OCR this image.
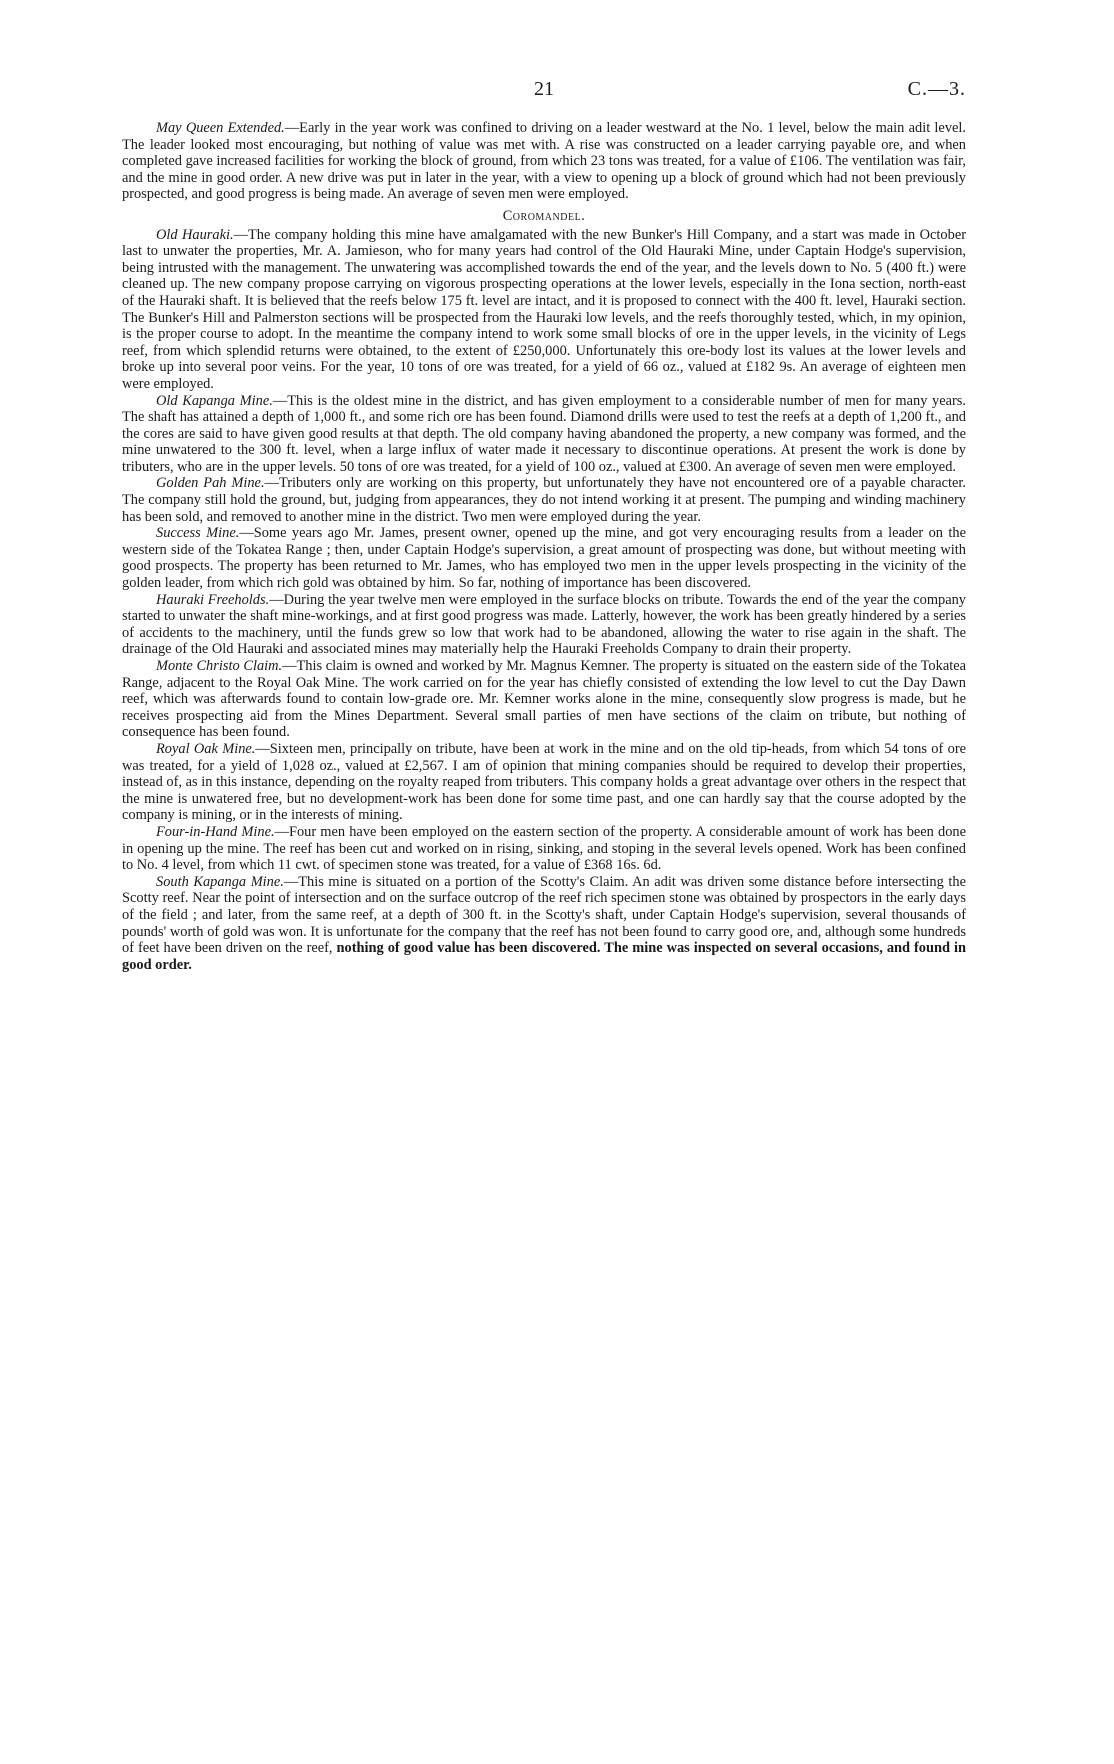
21	C.—3.

May Queen Extended.—Early in the year work was confined to driving on a leader westward at the No. 1 level, below the main adit level. The leader looked most encouraging, but nothing of value was met with. A rise was constructed on a leader carrying payable ore, and when completed gave increased facilities for working the block of ground, from which 23 tons was treated, for a value of £106. The ventilation was fair, and the mine in good order. A new drive was put in later in the year, with a view to opening up a block of ground which had not been previously prospected, and good progress is being made. An average of seven men were employed.

Coromandel.

Old Hauraki.—The company holding this mine have amalgamated with the new Bunker's Hill Company, and a start was made in October last to unwater the properties, Mr. A. Jamieson, who for many years had control of the Old Hauraki Mine, under Captain Hodge's supervision, being intrusted with the management. The unwatering was accomplished towards the end of the year, and the levels down to No. 5 (400 ft.) were cleaned up. The new company propose carrying on vigorous prospecting operations at the lower levels, especially in the Iona section, north-east of the Hauraki shaft. It is believed that the reefs below 175 ft. level are intact, and it is proposed to connect with the 400 ft. level, Hauraki section. The Bunker's Hill and Palmerston sections will be prospected from the Hauraki low levels, and the reefs thoroughly tested, which, in my opinion, is the proper course to adopt. In the meantime the company intend to work some small blocks of ore in the upper levels, in the vicinity of Legs reef, from which splendid returns were obtained, to the extent of £250,000. Unfortunately this ore-body lost its values at the lower levels and broke up into several poor veins. For the year, 10 tons of ore was treated, for a yield of 66 oz., valued at £182 9s. An average of eighteen men were employed.

Old Kapanga Mine.—This is the oldest mine in the district, and has given employment to a considerable number of men for many years. The shaft has attained a depth of 1,000 ft., and some rich ore has been found. Diamond drills were used to test the reefs at a depth of 1,200 ft., and the cores are said to have given good results at that depth. The old company having abandoned the property, a new company was formed, and the mine unwatered to the 300 ft. level, when a large influx of water made it necessary to discontinue operations. At present the work is done by tributers, who are in the upper levels. 50 tons of ore was treated, for a yield of 100 oz., valued at £300. An average of seven men were employed.

Golden Pah Mine.—Tributers only are working on this property, but unfortunately they have not encountered ore of a payable character. The company still hold the ground, but, judging from appearances, they do not intend working it at present. The pumping and winding machinery has been sold, and removed to another mine in the district. Two men were employed during the year.

Success Mine.—Some years ago Mr. James, present owner, opened up the mine, and got very encouraging results from a leader on the western side of the Tokatea Range ; then, under Captain Hodge's supervision, a great amount of prospecting was done, but without meeting with good prospects. The property has been returned to Mr. James, who has employed two men in the upper levels prospecting in the vicinity of the golden leader, from which rich gold was obtained by him. So far, nothing of importance has been discovered.

Hauraki Freeholds.—During the year twelve men were employed in the surface blocks on tribute. Towards the end of the year the company started to unwater the shaft mine-workings, and at first good progress was made. Latterly, however, the work has been greatly hindered by a series of accidents to the machinery, until the funds grew so low that work had to be abandoned, allowing the water to rise again in the shaft. The drainage of the Old Hauraki and associated mines may materially help the Hauraki Freeholds Company to drain their property.

Monte Christo Claim.—This claim is owned and worked by Mr. Magnus Kemner. The property is situated on the eastern side of the Tokatea Range, adjacent to the Royal Oak Mine. The work carried on for the year has chiefly consisted of extending the low level to cut the Day Dawn reef, which was afterwards found to contain low-grade ore. Mr. Kemner works alone in the mine, consequently slow progress is made, but he receives prospecting aid from the Mines Department. Several small parties of men have sections of the claim on tribute, but nothing of consequence has been found.

Royal Oak Mine.—Sixteen men, principally on tribute, have been at work in the mine and on the old tip-heads, from which 54 tons of ore was treated, for a yield of 1,028 oz., valued at £2,567. I am of opinion that mining companies should be required to develop their properties, instead of, as in this instance, depending on the royalty reaped from tributers. This company holds a great advantage over others in the respect that the mine is unwatered free, but no development-work has been done for some time past, and one can hardly say that the course adopted by the company is mining, or in the interests of mining.

Four-in-Hand Mine.—Four men have been employed on the eastern section of the property. A considerable amount of work has been done in opening up the mine. The reef has been cut and worked on in rising, sinking, and stoping in the several levels opened. Work has been confined to No. 4 level, from which 11 cwt. of specimen stone was treated, for a value of £368 16s. 6d.

South Kapanga Mine.—This mine is situated on a portion of the Scotty's Claim. An adit was driven some distance before intersecting the Scotty reef. Near the point of intersection and on the surface outcrop of the reef rich specimen stone was obtained by prospectors in the early days of the field ; and later, from the same reef, at a depth of 300 ft. in the Scotty's shaft, under Captain Hodge's supervision, several thousands of pounds' worth of gold was won. It is unfortunate for the company that the reef has not been found to carry good ore, and, although some hundreds of feet have been driven on the reef, nothing of good value has been discovered. The mine was inspected on several occasions, and found in good order.
